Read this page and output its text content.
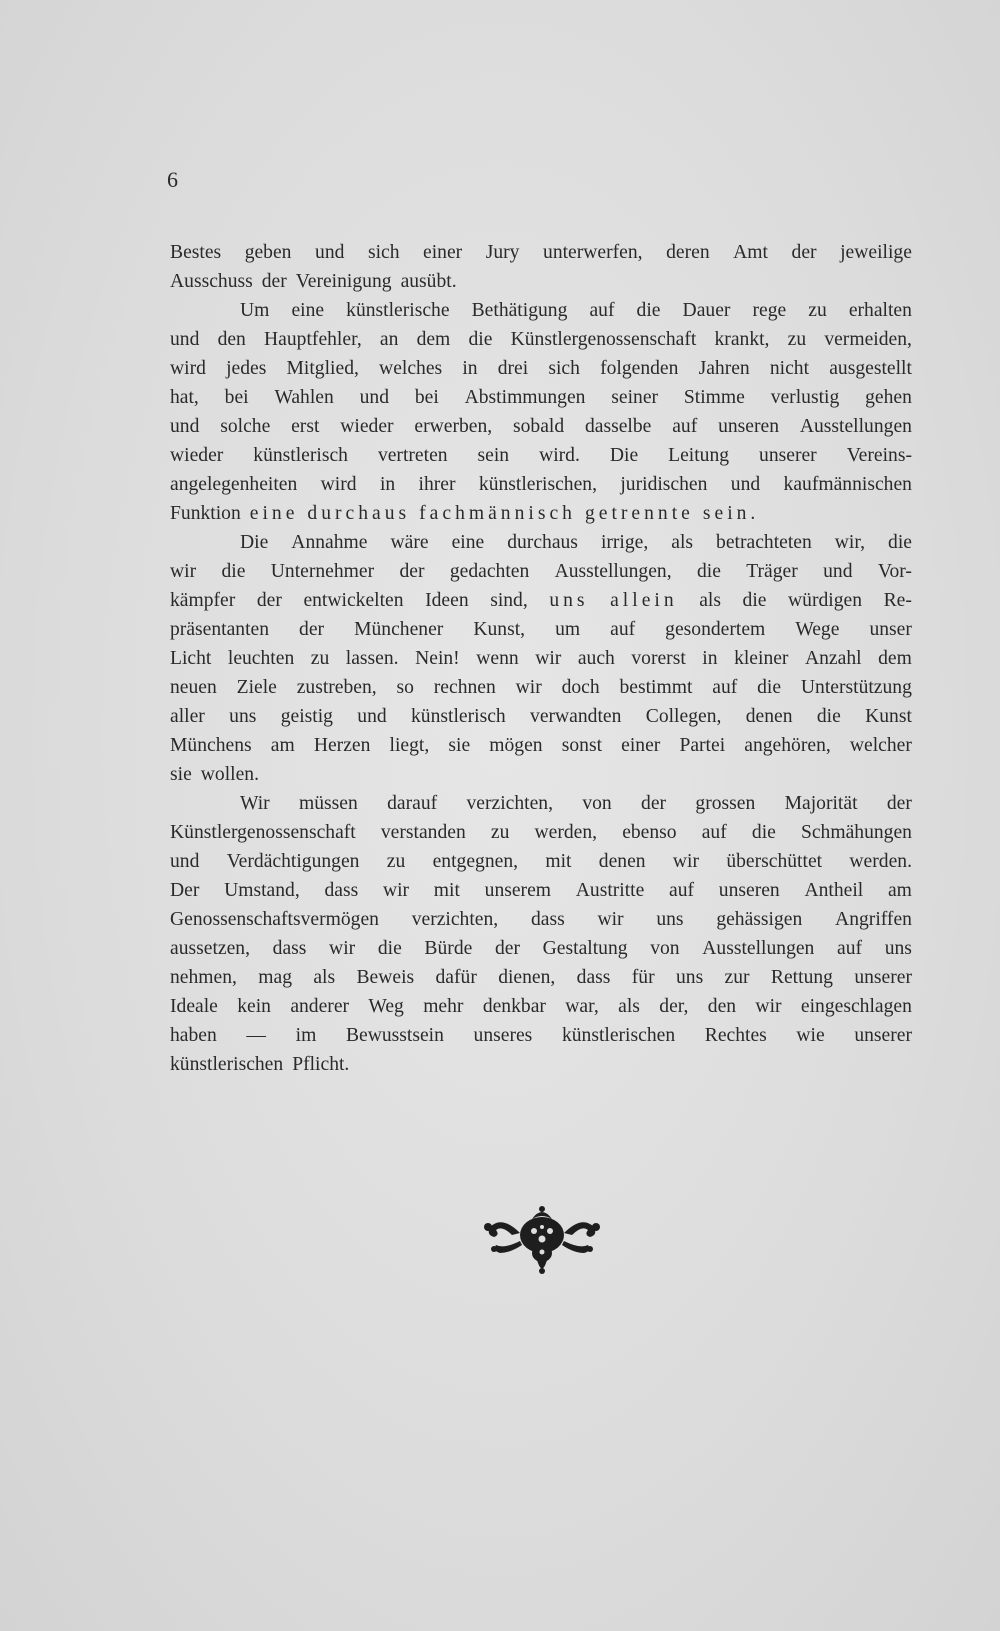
6
Bestes geben und sich einer Jury unterwerfen, deren Amt der jeweilige
Ausschuss der Vereinigung ausübt.
Um eine künstlerische Bethätigung auf die Dauer rege zu erhalten
und den Hauptfehler, an dem die Künstlergenossenschaft krankt, zu vermeiden,
wird jedes Mitglied, welches in drei sich folgenden Jahren nicht ausgestellt
hat, bei Wahlen und bei Abstimmungen seiner Stimme verlustig gehen
und solche erst wieder erwerben, sobald dasselbe auf unseren Ausstellungen
wieder künstlerisch vertreten sein wird. Die Leitung unserer Vereins-
angelegenheiten wird in ihrer künstlerischen, juridischen und kaufmännischen
Funktion eine durchaus fachmännisch getrennte sein.
Die Annahme wäre eine durchaus irrige, als betrachteten wir, die
wir die Unternehmer der gedachten Ausstellungen, die Träger und Vor-
kämpfer der entwickelten Ideen sind, uns allein als die würdigen Re-
präsentanten der Münchener Kunst, um auf gesondertem Wege unser
Licht leuchten zu lassen. Nein! wenn wir auch vorerst in kleiner Anzahl dem
neuen Ziele zustreben, so rechnen wir doch bestimmt auf die Unterstützung
aller uns geistig und künstlerisch verwandten Collegen, denen die Kunst
Münchens am Herzen liegt, sie mögen sonst einer Partei angehören, welcher
sie wollen.
Wir müssen darauf verzichten, von der grossen Majorität der
Künstlergenossenschaft verstanden zu werden, ebenso auf die Schmähungen
und Verdächtigungen zu entgegnen, mit denen wir überschüttet werden.
Der Umstand, dass wir mit unserem Austritte auf unseren Antheil am
Genossenschaftsvermögen verzichten, dass wir uns gehässigen Angriffen
aussetzen, dass wir die Bürde der Gestaltung von Ausstellungen auf uns
nehmen, mag als Beweis dafür dienen, dass für uns zur Rettung unserer
Ideale kein anderer Weg mehr denkbar war, als der, den wir eingeschlagen
haben — im Bewusstsein unseres künstlerischen Rechtes wie unserer
künstlerischen Pflicht.
